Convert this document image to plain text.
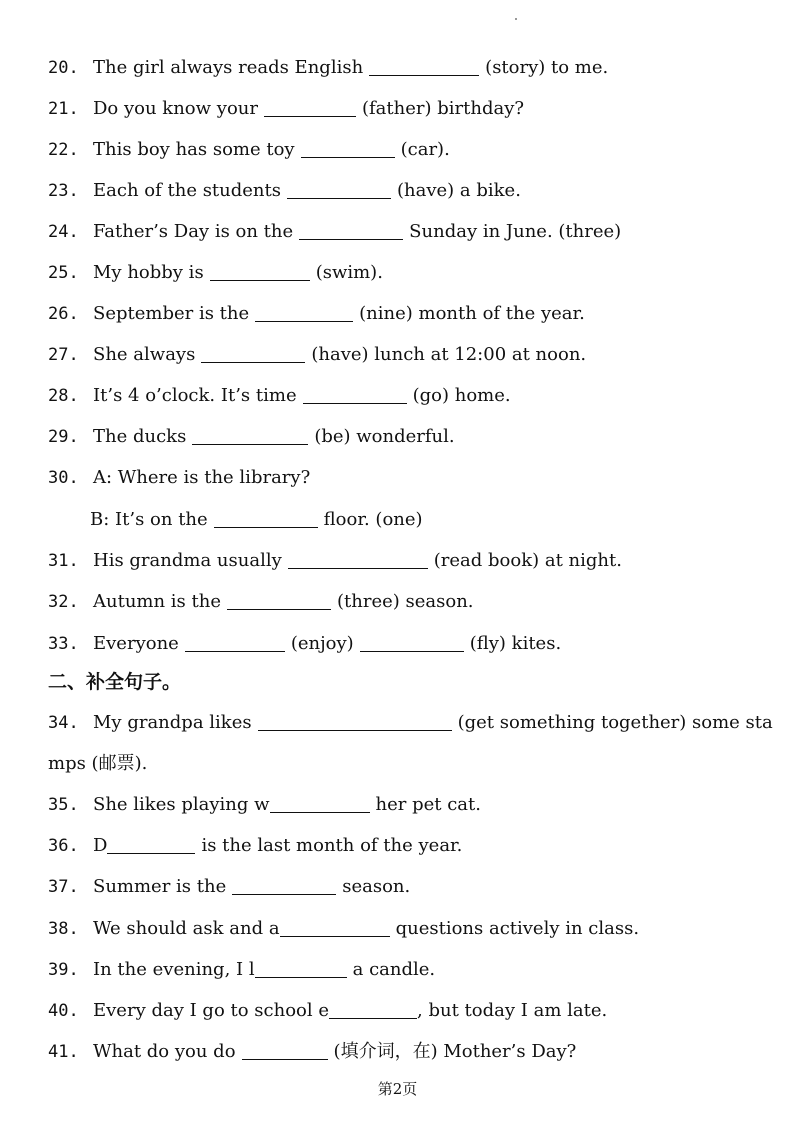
20. The girl always reads English	(story) to me.
21. Do you know your	(father) birthday?
22. This boy has some toy	(car).
23. Each of the students	(have) a bike.
24. Father’s Day is on the	Sunday in June. (three)
25. My hobby is	(swim).
26. September is the	(nine) month of the year.
27. She always	(have) lunch at 12:00 at noon.
28. It’s 4 o’clock. It’s time	(go) home.
29. The ducks	(be) wonderful.
30. A: Where is the library?
B: It’s on the	floor. (one)
31. His grandma usually	(read book) at night.
32. Autumn is the	(three) season.
33. Everyone	(enjoy)	(fly) kites.
二、补全句子。
34. My grandpa likes	(get something together) some sta
mps (邮票).
35. She likes playing w	her pet cat.
36. D	is the last month of the year.
37. Summer is the	season.
38. We should ask and a	questions actively in class.
39. In the evening, I l	a candle.
40. Every day I go to school e	, but today I am late.
41. What do you do	(填介词，在) Mother’s Day?
第2页
